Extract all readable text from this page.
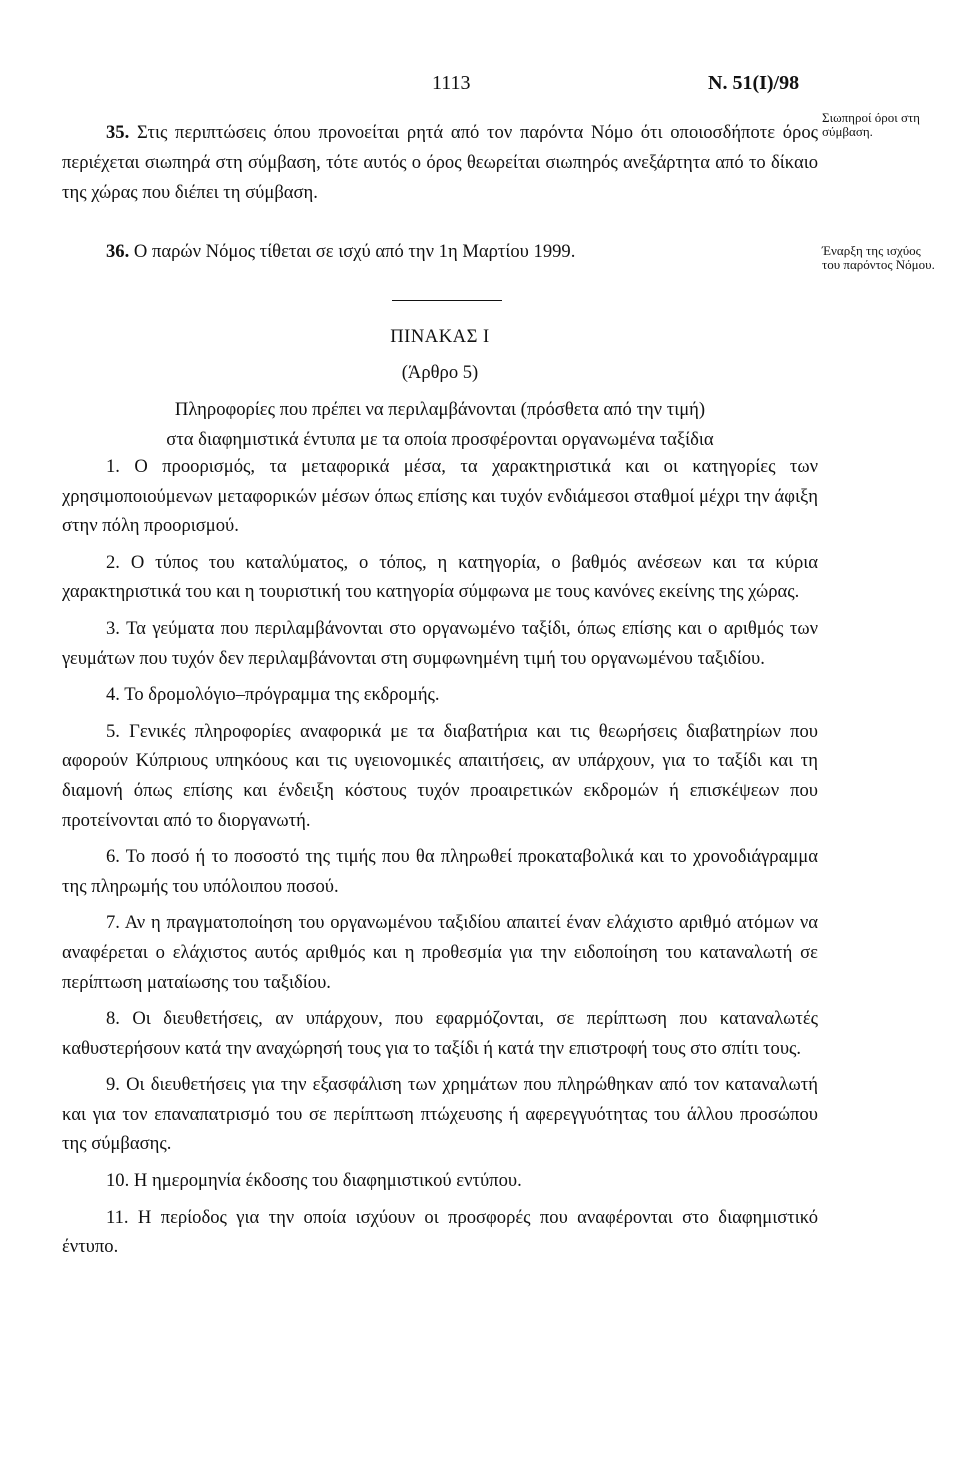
1113	Ν. 51(Ι)/98

35. Στις περιπτώσεις όπου προνοείται ρητά από τον παρόντα Νόμο ότι οποιοσδήποτε όρος περιέχεται σιωπηρά στη σύμβαση, τότε αυτός ο όρος θεωρείται σιωπηρός ανεξάρτητα από το δίκαιο της χώρας που διέπει τη σύμβαση.

Σιωπηροί όροι στη σύμβαση.

36. Ο παρών Νόμος τίθεται σε ισχύ από την 1η Μαρτίου 1999.	Έναρξη της ισχύος του παρόντος Νόμου.
ΠΙΝΑΚΑΣ Ι
(Άρθρο 5)
Πληροφορίες που πρέπει να περιλαμβάνονται (πρόσθετα από την τιμή)
στα διαφημιστικά έντυπα με τα οποία προσφέρονται οργανωμένα ταξίδια

1. Ο προορισμός, τα μεταφορικά μέσα, τα χαρακτηριστικά και οι κατηγορίες των χρησιμοποιούμενων μεταφορικών μέσων όπως επίσης και τυχόν ενδιάμεσοι σταθμοί μέχρι την άφιξη στην πόλη προορισμού.

2. Ο τύπος του καταλύματος, ο τόπος, η κατηγορία, ο βαθμός ανέσεων και τα κύρια χαρακτηριστικά του και η τουριστική του κατηγορία σύμφωνα με τους κανόνες εκείνης της χώρας.

3. Τα γεύματα που περιλαμβάνονται στο οργανωμένο ταξίδι, όπως επίσης και ο αριθμός των γευμάτων που τυχόν δεν περιλαμβάνονται στη συμφωνημένη τιμή του οργανωμένου ταξιδίου.

4. Το δρομολόγιο–πρόγραμμα της εκδρομής.

5. Γενικές πληροφορίες αναφορικά με τα διαβατήρια και τις θεωρήσεις διαβατηρίων που αφορούν Κύπριους υπηκόους και τις υγειονομικές απαιτήσεις, αν υπάρχουν, για το ταξίδι και τη διαμονή όπως επίσης και ένδειξη κόστους τυχόν προαιρετικών εκδρομών ή επισκέψεων που προτείνονται από το διοργανωτή.

6. Το ποσό ή το ποσοστό της τιμής που θα πληρωθεί προκαταβολικά και το χρονοδιάγραμμα της πληρωμής του υπόλοιπου ποσού.

7. Αν η πραγματοποίηση του οργανωμένου ταξιδίου απαιτεί έναν ελάχιστο αριθμό ατόμων να αναφέρεται ο ελάχιστος αυτός αριθμός και η προθεσμία για την ειδοποίηση του καταναλωτή σε περίπτωση ματαίωσης του ταξιδίου.

8. Οι διευθετήσεις, αν υπάρχουν, που εφαρμόζονται, σε περίπτωση που καταναλωτές καθυστερήσουν κατά την αναχώρησή τους για το ταξίδι ή κατά την επιστροφή τους στο σπίτι τους.

9. Οι διευθετήσεις για την εξασφάλιση των χρημάτων που πληρώθηκαν από τον καταναλωτή και για τον επαναπατρισμό του σε περίπτωση πτώχευσης ή αφερεγγυότητας του άλλου προσώπου της σύμβασης.

10. Η ημερομηνία έκδοσης του διαφημιστικού εντύπου.

11. Η περίοδος για την οποία ισχύουν οι προσφορές που αναφέρονται στο διαφημιστικό έντυπο.
